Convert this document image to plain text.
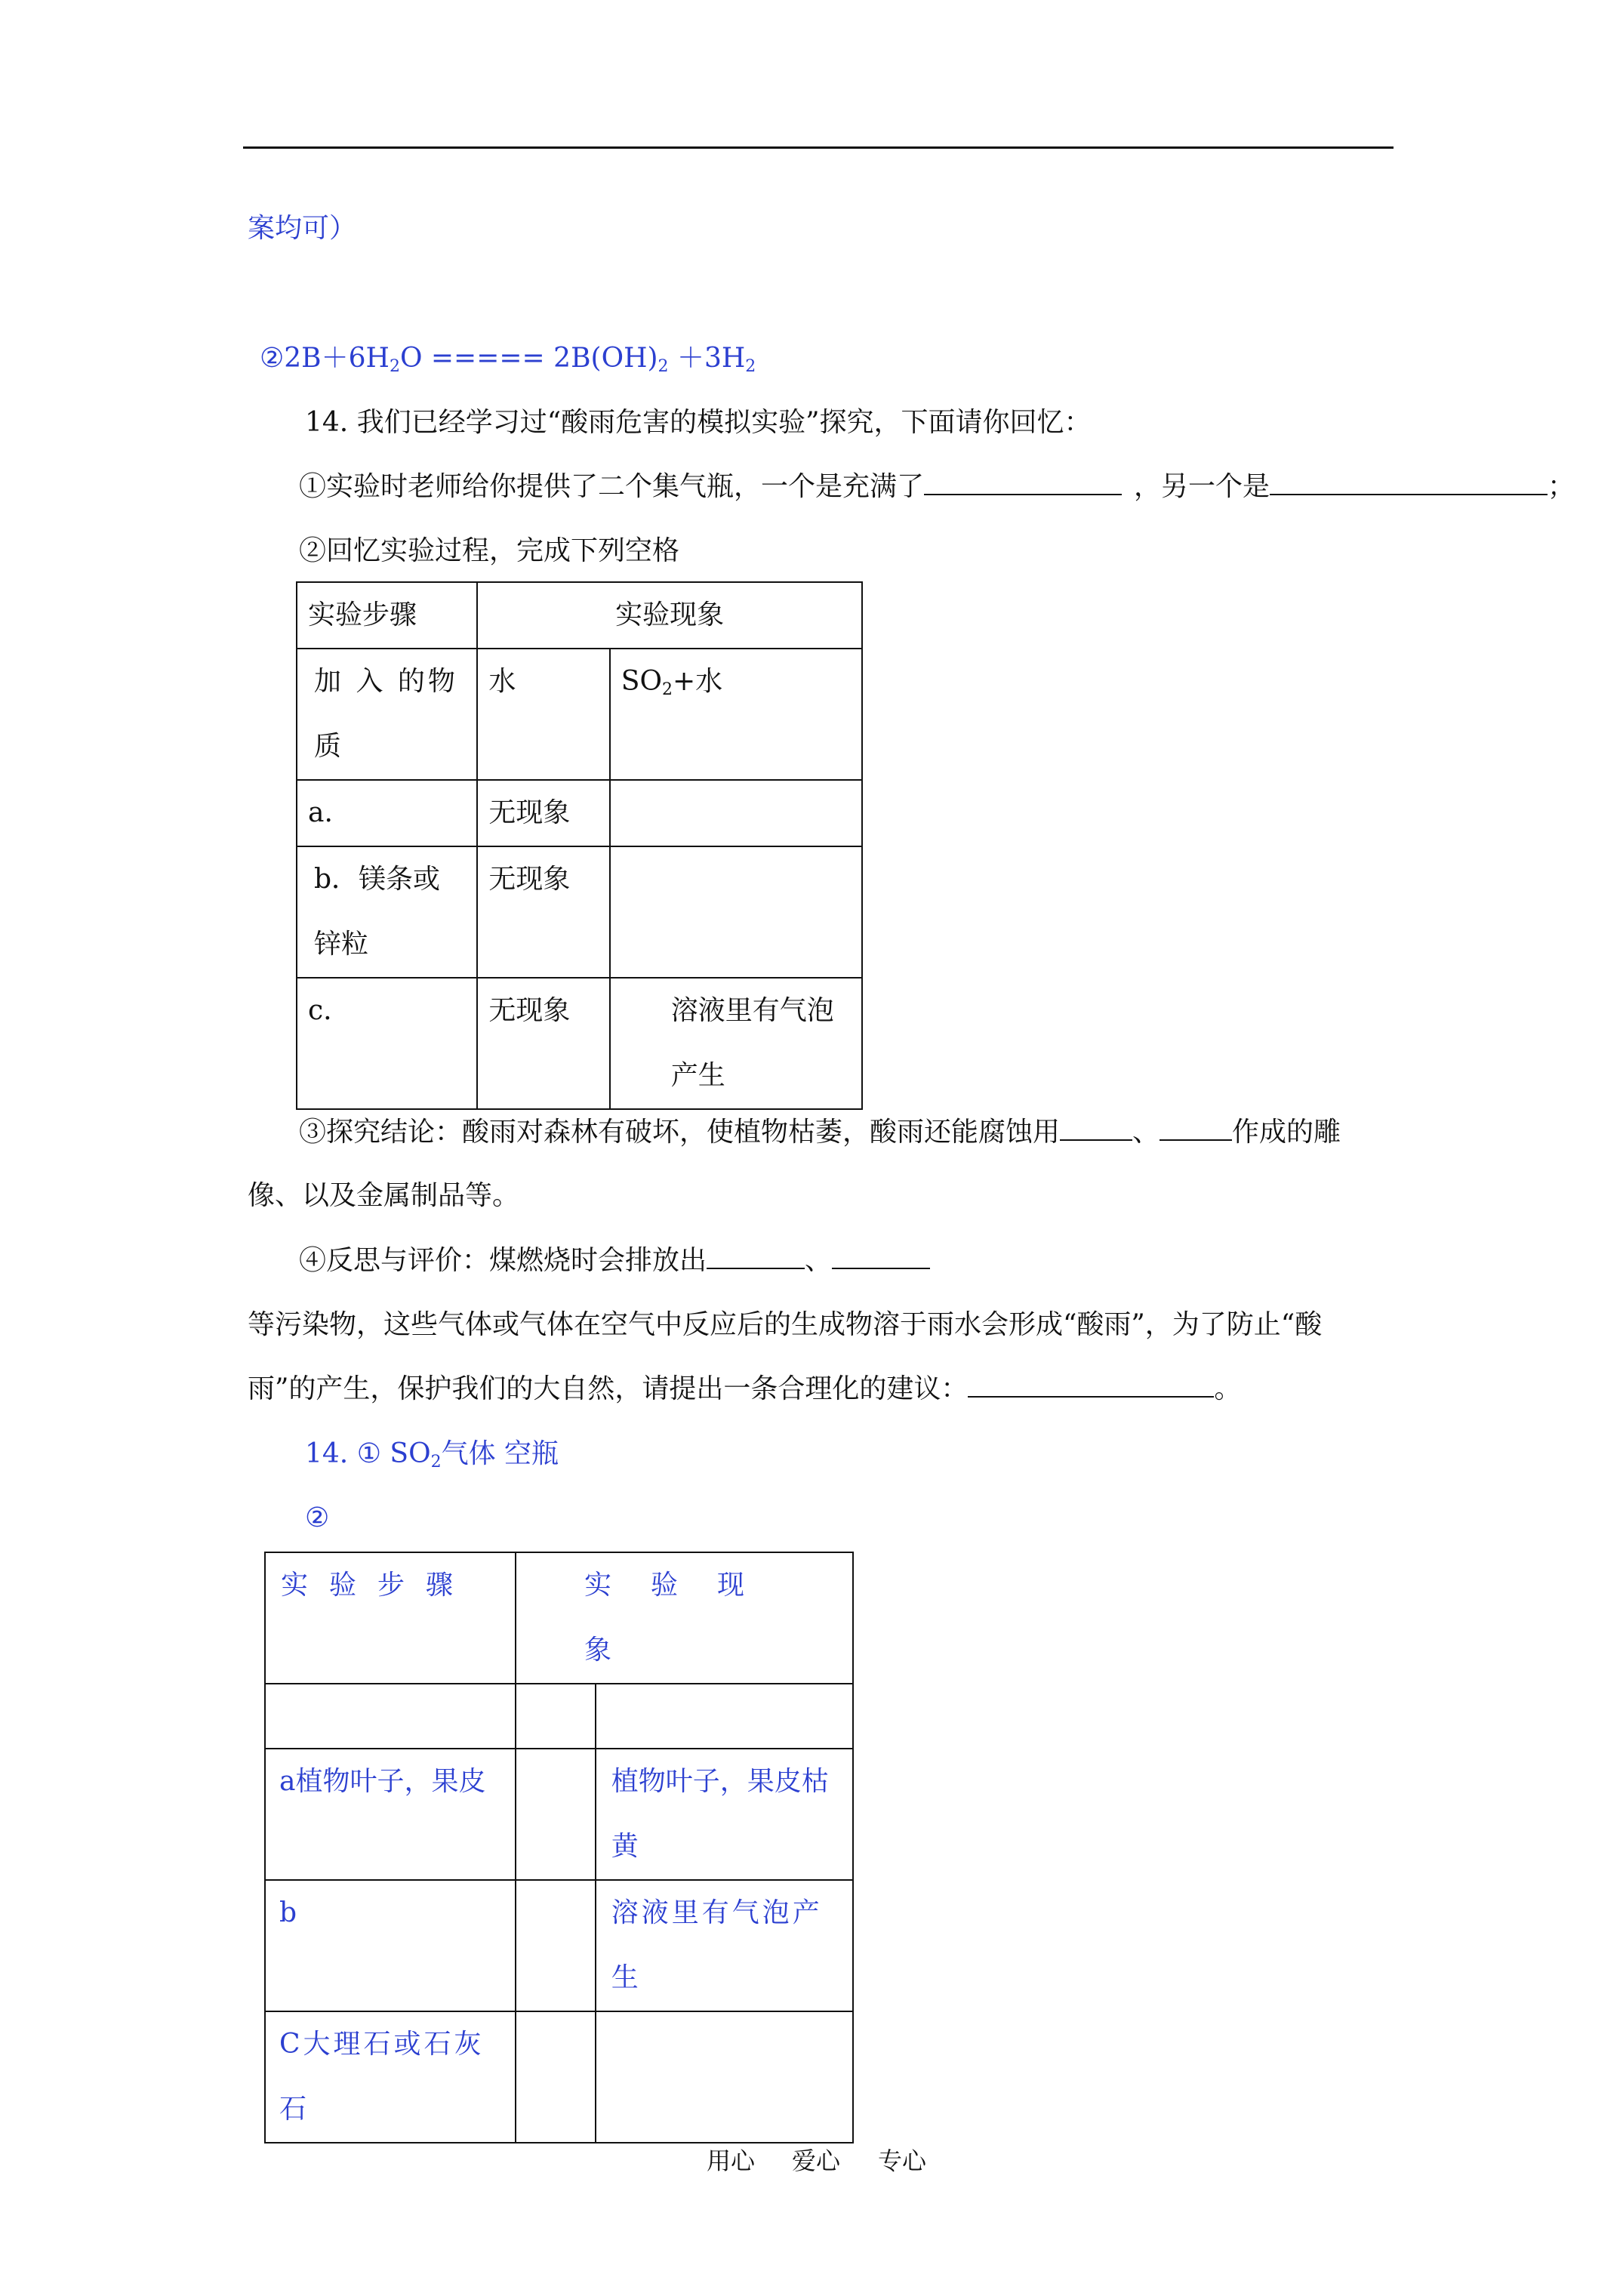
案均可）
$②2B+6H_2O$ ===== $2B(OH)_2 +3H_2$
14. 我们已经学习过“酸雨危害的模拟实验”探究，下面请你回忆：
①实验时老师给你提供了二个集气瓶，一个是充满了	，另一个是	；
②回忆实验过程，完成下列空格
实验步骤	实验现象	
加 入 的物质	水	$SO_2+$水
a.	无现象	
b．镁条或锌粒	无现象	
c.	无现象	溶液里有气泡产生
③探究结论：酸雨对森林有破坏，使植物枯萎，酸雨还能腐蚀用	、	作成的雕
像、以及金属制品等。
④反思与评价：煤燃烧时会排放出	、
等污染物，这些气体或气体在空气中反应后的生成物溶于雨水会形成“酸雨”，为了防止“酸
雨”的产生，保护我们的大自然，请提出一条合理化的建议：	。
14. ① $SO_2$气体 空瓶
②
实验步骤	实验现象	

a植物叶子，果皮		植物叶子，果皮枯黄
b		溶液里有气泡产生
C大理石或石灰石		
用心 爱心 专心
